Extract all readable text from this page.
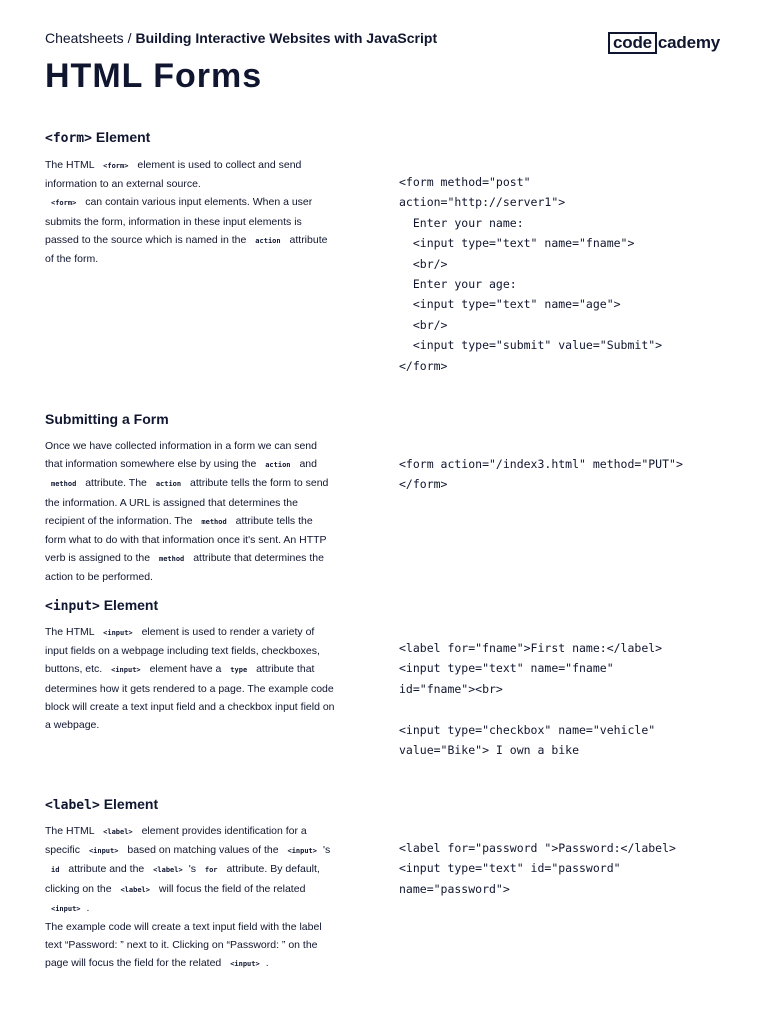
Cheatsheets / Building Interactive Websites with JavaScript	code cademy
HTML Forms
<form> Element
The HTML <form> element is used to collect and send information to an external source.
<form> can contain various input elements. When a user submits the form, information in these input elements is passed to the source which is named in the action attribute of the form.
<form method="post"
action="http://server1">
Enter your name:
<input type="text" name="fname">
<br/>
Enter your age:
<input type="text" name="age">
<br/>
<input type="submit" value="Submit">
</form>
Submitting a Form
Once we have collected information in a form we can send that information somewhere else by using the action and method attribute. The action attribute tells the form to send the information. A URL is assigned that determines the recipient of the information. The method attribute tells the form what to do with that information once it's sent. An HTTP verb is assigned to the method attribute that determines the action to be performed.
<form action="/index3.html" method="PUT">
</form>
<input> Element
The HTML <input> element is used to render a variety of input fields on a webpage including text fields, checkboxes, buttons, etc. <input> element have a type attribute that determines how it gets rendered to a page. The example code block will create a text input field and a checkbox input field on a webpage.
<label for="fname">First name:</label>
<input type="text" name="fname"
id="fname"><br>

<input type="checkbox" name="vehicle"
value="Bike"> I own a bike
<label> Element
The HTML <label> element provides identification for a specific <input> based on matching values of the <input> 's id attribute and the <label> 's for attribute. By default, clicking on the <label> will focus the field of the related <input> .
The example code will create a text input field with the label text “Password: ” next to it. Clicking on “Password: ” on the page will focus the field for the related <input> .
<label for="password ">Password:</label>
<input type="text" id="password"
name="password">
